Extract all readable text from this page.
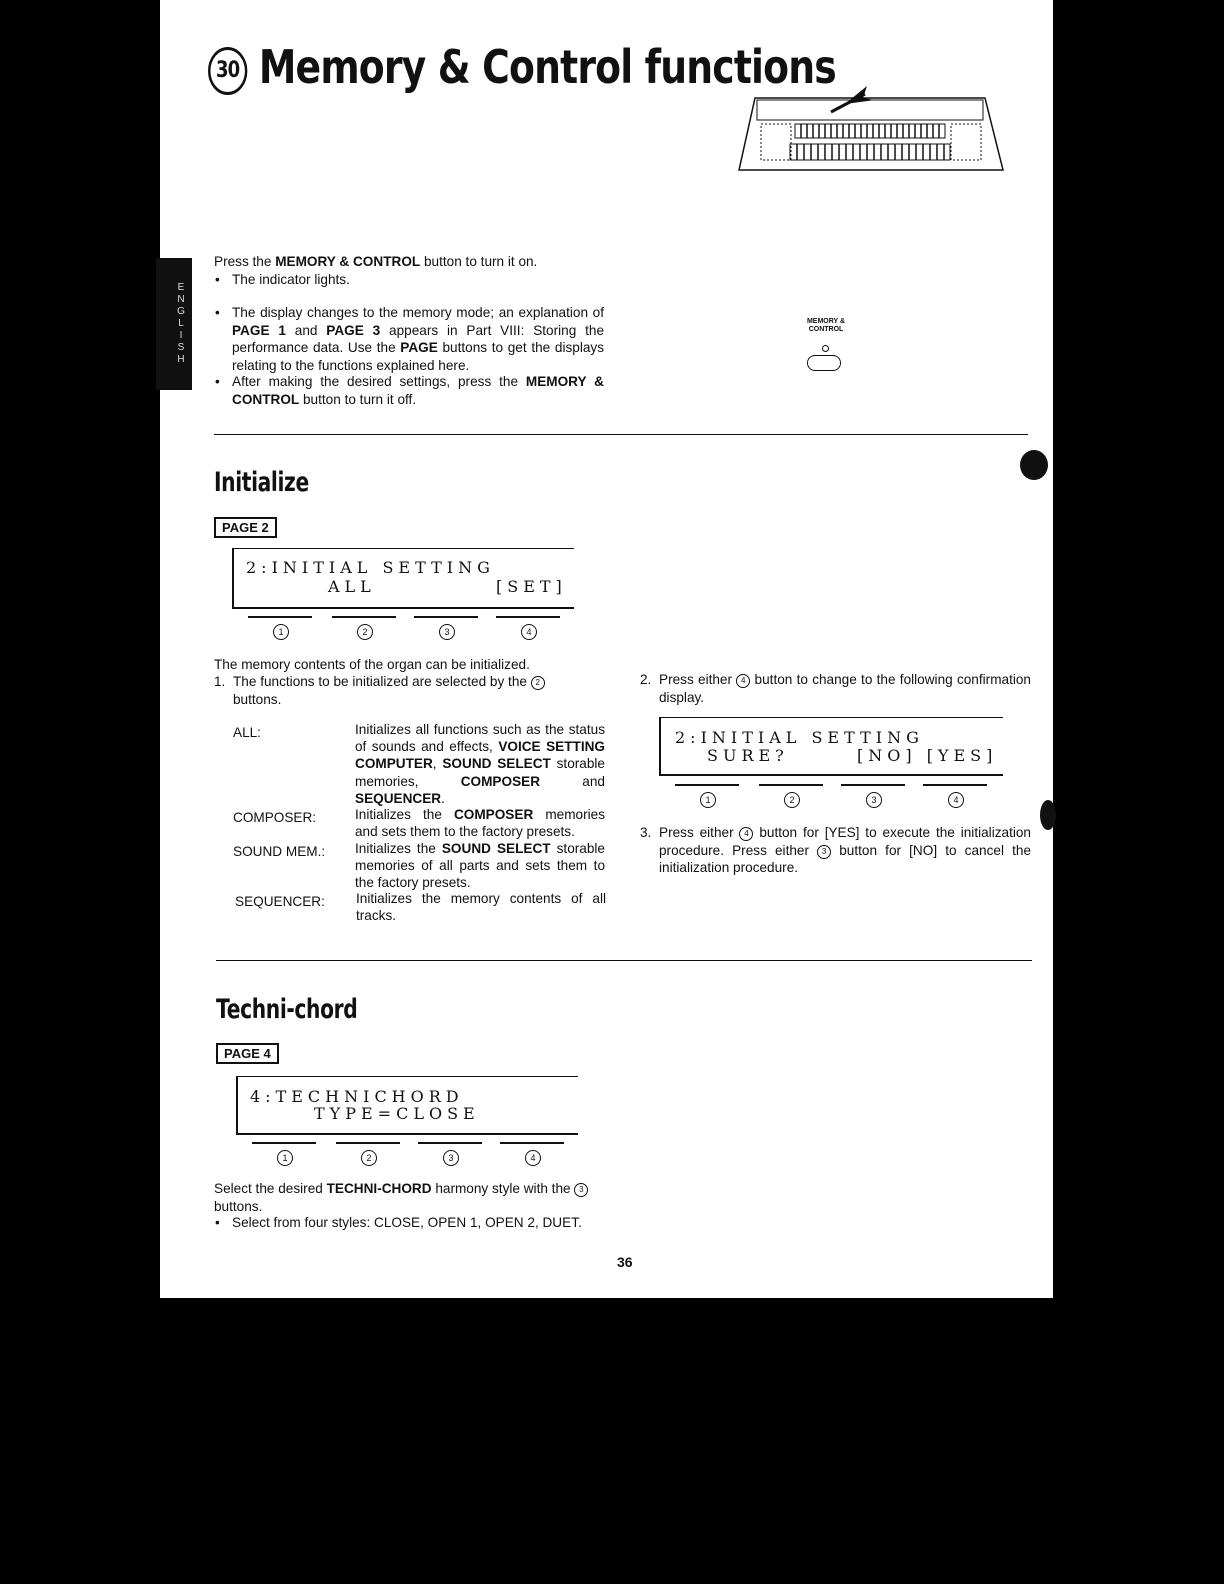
E
N
G
L
I
S
H
30 Memory & Control functions
Press the MEMORY & CONTROL button to turn it on.
• The indicator lights.
• The display changes to the memory mode; an explanation of PAGE 1 and PAGE 3 appears in Part VIII: Storing the performance data. Use the PAGE buttons to get the displays relating to the functions explained here.
• After making the desired settings, press the MEMORY & CONTROL button to turn it off.
MEMORY &
CONTROL
Initialize
PAGE 2
2:INITIAL SETTING
ALL	[SET]
1	2	3	4
The memory contents of the organ can be initialized.
1. The functions to be initialized are selected by the 2
buttons.
ALL:	Initializes all functions such as the status of sounds and effects, VOICE SETTING COMPUTER, SOUND SELECT storable memories, COMPOSER and SEQUENCER.
COMPOSER:	Initializes the COMPOSER memories and sets them to the factory presets.
SOUND MEM.: Initializes the SOUND SELECT storable memories of all parts and sets them to the factory presets.
SEQUENCER: Initializes the memory contents of all tracks.
2. Press either 4 button to change to the following confirmation display.
2:INITIAL SETTING
SURE?	[NO] [YES]
1	2	3	4
3. Press either 4 button for [YES] to execute the initialization procedure. Press either 3 button for [NO] to cancel the initialization procedure.
Techni-chord
PAGE 4
4:TECHNICHORD
TYPE=CLOSE
1	2	3	4
Select the desired TECHNI-CHORD harmony style with the 3
buttons.
• Select from four styles: CLOSE, OPEN 1, OPEN 2, DUET.
36
